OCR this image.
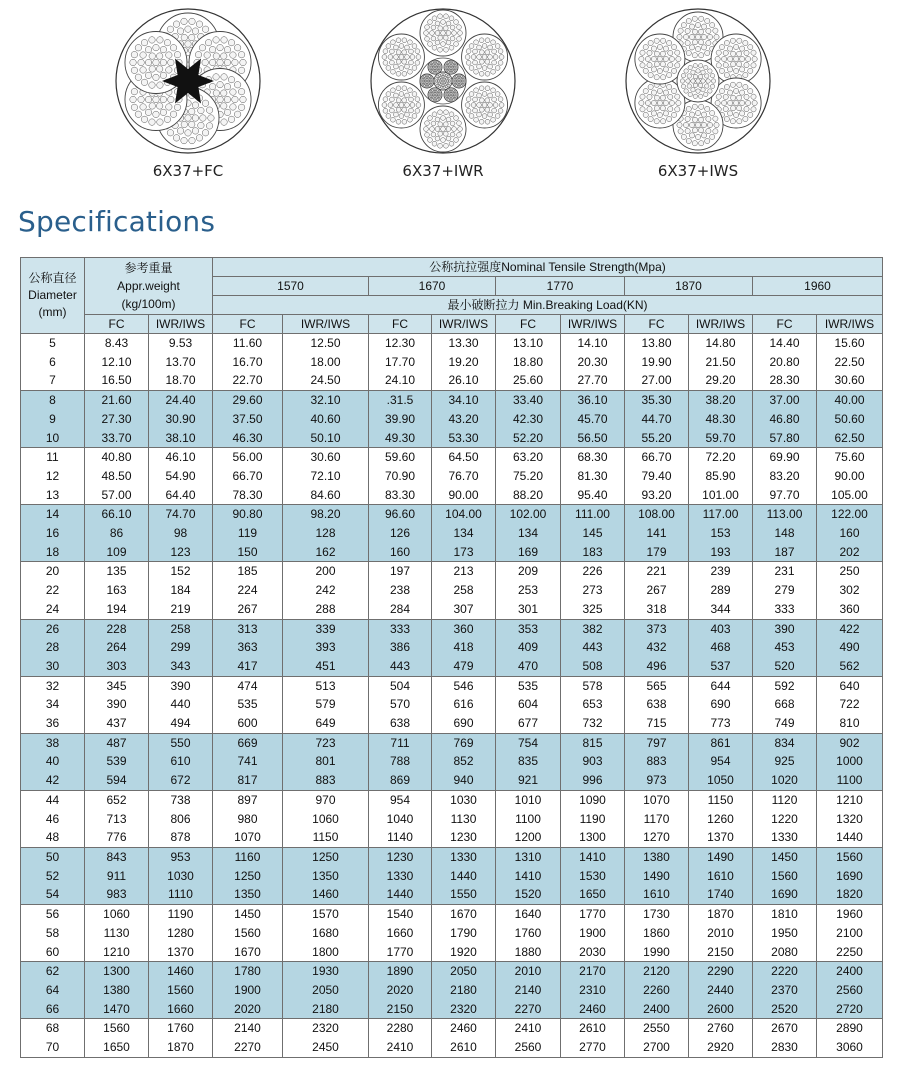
6X37+FC	6X37+IWR	6X37+IWS
Specifications
公称直径
Diameter
(mm)	参考重量
Appr.weight
(kg/100m)		公称抗拉强度Nominal Tensile Strength(Mpa)									
			1570		1670		1770		1870		1960	
			最小破断拉力 Min.Breaking Load(KN)									
	FC	IWR/IWS	FC	IWR/IWS	FC	IWR/IWS	FC	IWR/IWS	FC	IWR/IWS	FC	IWR/IWS
5	8.43	9.53	11.60	12.50	12.30	13.30	13.10	14.10	13.80	14.80	14.40	15.60
6	12.10	13.70	16.70	18.00	17.70	19.20	18.80	20.30	19.90	21.50	20.80	22.50
7	16.50	18.70	22.70	24.50	24.10	26.10	25.60	27.70	27.00	29.20	28.30	30.60
8	21.60	24.40	29.60	32.10	.31.5	34.10	33.40	36.10	35.30	38.20	37.00	40.00
9	27.30	30.90	37.50	40.60	39.90	43.20	42.30	45.70	44.70	48.30	46.80	50.60
10	33.70	38.10	46.30	50.10	49.30	53.30	52.20	56.50	55.20	59.70	57.80	62.50
11	40.80	46.10	56.00	30.60	59.60	64.50	63.20	68.30	66.70	72.20	69.90	75.60
12	48.50	54.90	66.70	72.10	70.90	76.70	75.20	81.30	79.40	85.90	83.20	90.00
13	57.00	64.40	78.30	84.60	83.30	90.00	88.20	95.40	93.20	101.00	97.70	105.00
14	66.10	74.70	90.80	98.20	96.60	104.00	102.00	111.00	108.00	117.00	113.00	122.00
16	86	98	119	128	126	134	134	145	141	153	148	160
18	109	123	150	162	160	173	169	183	179	193	187	202
20	135	152	185	200	197	213	209	226	221	239	231	250
22	163	184	224	242	238	258	253	273	267	289	279	302
24	194	219	267	288	284	307	301	325	318	344	333	360
26	228	258	313	339	333	360	353	382	373	403	390	422
28	264	299	363	393	386	418	409	443	432	468	453	490
30	303	343	417	451	443	479	470	508	496	537	520	562
32	345	390	474	513	504	546	535	578	565	644	592	640
34	390	440	535	579	570	616	604	653	638	690	668	722
36	437	494	600	649	638	690	677	732	715	773	749	810
38	487	550	669	723	711	769	754	815	797	861	834	902
40	539	610	741	801	788	852	835	903	883	954	925	1000
42	594	672	817	883	869	940	921	996	973	1050	1020	1100
44	652	738	897	970	954	1030	1010	1090	1070	1150	1120	1210
46	713	806	980	1060	1040	1130	1100	1190	1170	1260	1220	1320
48	776	878	1070	1150	1140	1230	1200	1300	1270	1370	1330	1440
50	843	953	1160	1250	1230	1330	1310	1410	1380	1490	1450	1560
52	911	1030	1250	1350	1330	1440	1410	1530	1490	1610	1560	1690
54	983	1110	1350	1460	1440	1550	1520	1650	1610	1740	1690	1820
56	1060	1190	1450	1570	1540	1670	1640	1770	1730	1870	1810	1960
58	1130	1280	1560	1680	1660	1790	1760	1900	1860	2010	1950	2100
60	1210	1370	1670	1800	1770	1920	1880	2030	1990	2150	2080	2250
62	1300	1460	1780	1930	1890	2050	2010	2170	2120	2290	2220	2400
64	1380	1560	1900	2050	2020	2180	2140	2310	2260	2440	2370	2560
66	1470	1660	2020	2180	2150	2320	2270	2460	2400	2600	2520	2720
68	1560	1760	2140	2320	2280	2460	2410	2610	2550	2760	2670	2890
70	1650	1870	2270	2450	2410	2610	2560	2770	2700	2920	2830	3060
